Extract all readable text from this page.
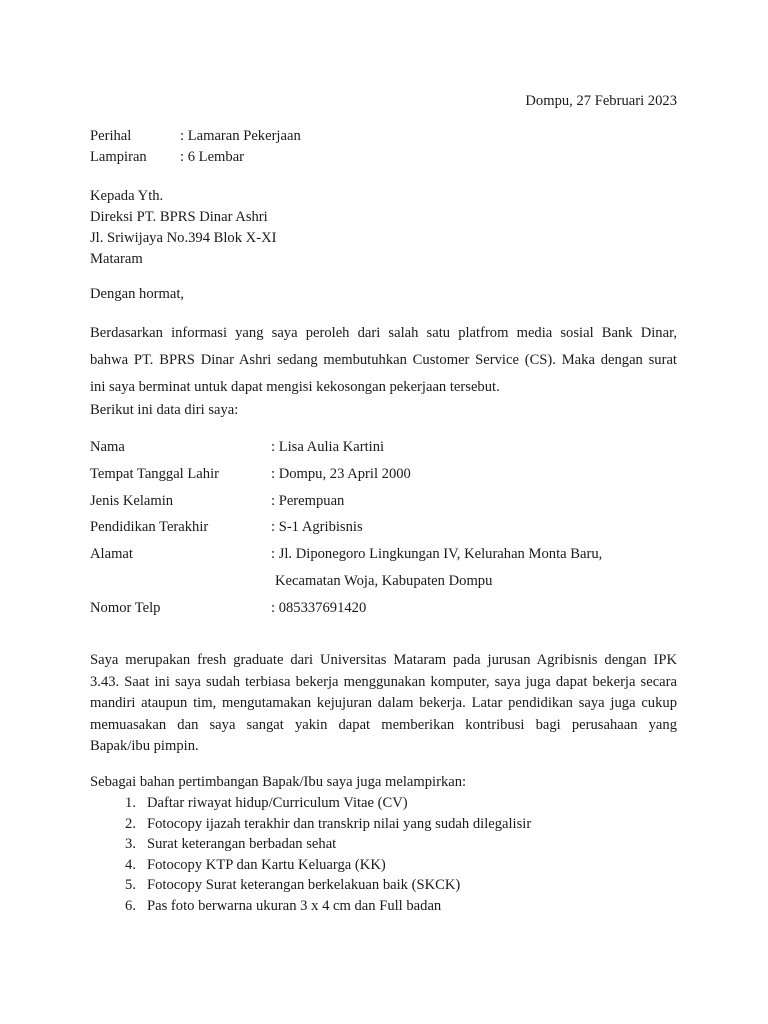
Dompu, 27 Februari 2023
Perihal	: Lamaran Pekerjaan
Lampiran	: 6 Lembar
Kepada Yth.
Direksi PT. BPRS Dinar Ashri
Jl. Sriwijaya No.394 Blok X-XI
Mataram
Dengan hormat,
Berdasarkan informasi yang saya peroleh dari salah satu platfrom media sosial Bank Dinar,
bahwa PT. BPRS Dinar Ashri sedang membutuhkan Customer Service (CS). Maka dengan surat
ini saya berminat untuk dapat mengisi kekosongan pekerjaan tersebut.
Berikut ini data diri saya:
Nama	: Lisa Aulia Kartini
Tempat Tanggal Lahir	: Dompu, 23 April 2000
Jenis Kelamin	: Perempuan
Pendidikan Terakhir	: S-1 Agribisnis
Alamat	: Jl. Diponegoro Lingkungan IV, Kelurahan Monta Baru,
Kecamatan Woja, Kabupaten Dompu
Nomor Telp	: 085337691420
Saya merupakan fresh graduate dari Universitas Mataram pada jurusan Agribisnis dengan IPK
3.43. Saat ini saya sudah terbiasa bekerja menggunakan komputer, saya juga dapat bekerja secara
mandiri ataupun tim, mengutamakan kejujuran dalam bekerja. Latar pendidikan saya juga cukup
memuasakan dan saya sangat yakin dapat memberikan kontribusi bagi perusahaan yang
Bapak/ibu pimpin.
Sebagai bahan pertimbangan Bapak/Ibu saya juga melampirkan:
1. Daftar riwayat hidup/Curriculum Vitae (CV)
2. Fotocopy ijazah terakhir dan transkrip nilai yang sudah dilegalisir
3. Surat keterangan berbadan sehat
4. Fotocopy KTP dan Kartu Keluarga (KK)
5. Fotocopy Surat keterangan berkelakuan baik (SKCK)
6. Pas foto berwarna ukuran 3 x 4 cm dan Full badan
